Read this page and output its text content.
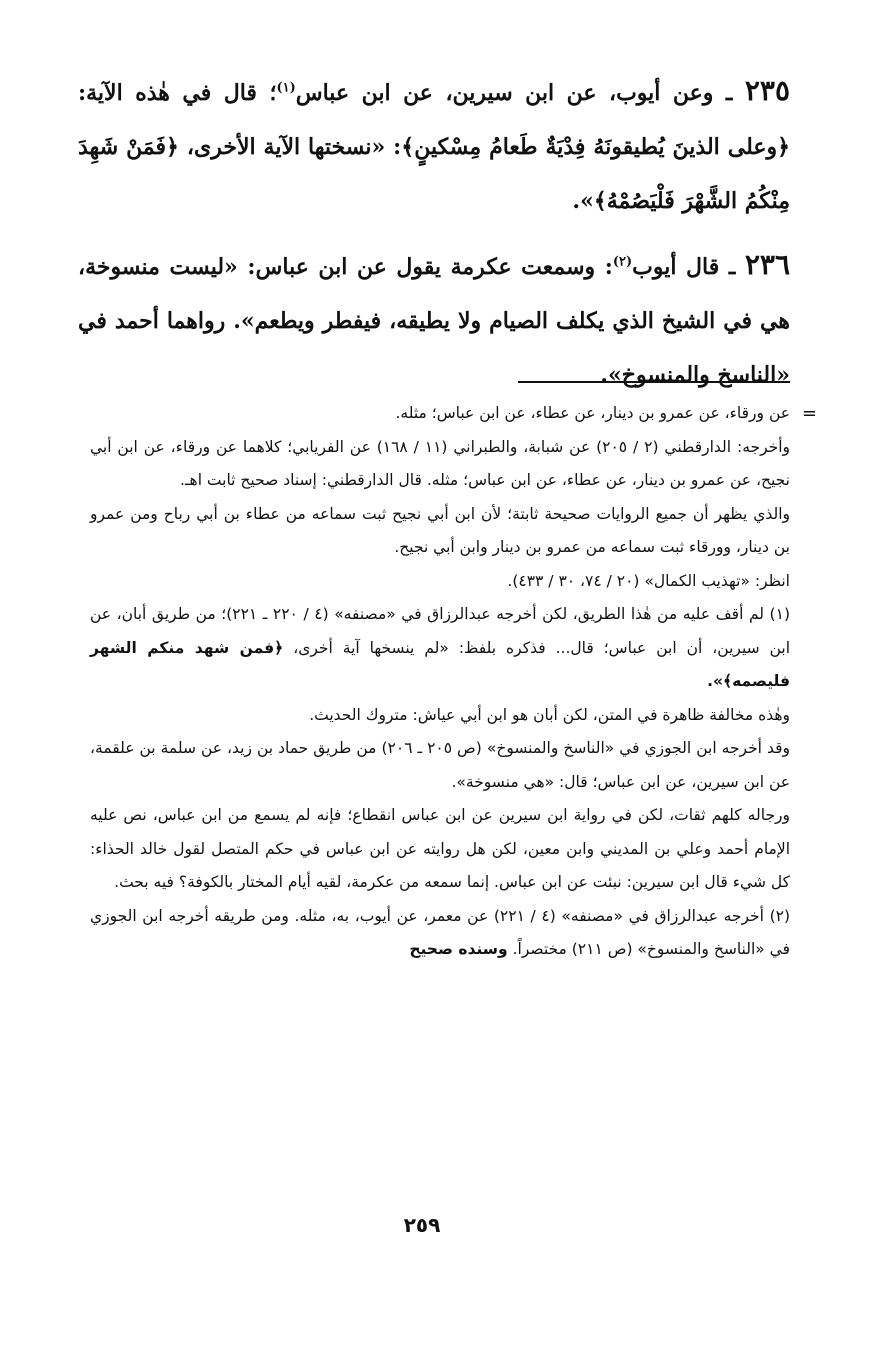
٢٣٥ ـ وعن أيوب، عن ابن سيرين، عن ابن عباس$^{(١)}$؛ قال في هٰذه الآية: ﴿وعلى الذينَ يُطيقونَهُ فِدْيَةٌ طَعامُ مِسْكينٍ﴾: «نسختها الآية الأخرى، ﴿فَمَنْ شَهِدَ مِنْكُمُ الشَّهْرَ فَلْيَصُمْهُ﴾».

٢٣٦ ـ قال أيوب$^{(٢)}$: وسمعت عكرمة يقول عن ابن عباس: «ليست منسوخة، هي في الشيخ الذي يكلف الصيام ولا يطيقه، فيفطر ويطعم». رواهما أحمد في «الناسخ والمنسوخ».

=

عن ورقاء، عن عمرو بن دينار، عن عطاء، عن ابن عباس؛ مثله.

وأخرجه: الدارقطني (٢ / ٢٠٥) عن شبابة، والطبراني (١١ / ١٦٨) عن الفريابي؛ كلاهما عن ورقاء، عن ابن أبي نجيح، عن عمرو بن دينار، عن عطاء، عن ابن عباس؛ مثله. قال الدارقطني: إسناد صحيح ثابت اهـ.

والذي يظهر أن جميع الروايات صحيحة ثابتة؛ لأن ابن أبي نجيح ثبت سماعه من عطاء بن أبي رباح ومن عمرو بن دينار، وورقاء ثبت سماعه من عمرو بن دينار وابن أبي نجيح.

انظر: «تهذيب الكمال» (٢٠ / ٧٤، ٣٠ / ٤٣٣).

(١) لم أقف عليه من هٰذا الطريق، لكن أخرجه عبدالرزاق في «مصنفه» (٤ / ٢٢٠ ـ ٢٢١)؛ من طريق أبان، عن ابن سيرين، أن ابن عباس؛ قال... فذكره بلفظ: «لم ينسخها آية أخرى، ﴿فمن شهد منكم الشهر فليصمه﴾».

وهٰذه مخالفة ظاهرة في المتن، لكن أبان هو ابن أبي عياش: متروك الحديث.

وقد أخرجه ابن الجوزي في «الناسخ والمنسوخ» (ص ٢٠٥ ـ ٢٠٦) من طريق حماد بن زيد، عن سلمة بن علقمة، عن ابن سيرين، عن ابن عباس؛ قال: «هي منسوخة».

ورجاله كلهم ثقات، لكن في رواية ابن سيرين عن ابن عباس انقطاع؛ فإنه لم يسمع من ابن عباس، نص عليه الإمام أحمد وعلي بن المديني وابن معين، لكن هل روايته عن ابن عباس في حكم المتصل لقول خالد الحذاء: كل شيء قال ابن سيرين: نبئت عن ابن عباس. إنما سمعه من عكرمة، لقيه أيام المختار بالكوفة؟ فيه بحث.

(٢) أخرجه عبدالرزاق في «مصنفه» (٤ / ٢٢١) عن معمر، عن أيوب، به، مثله. ومن طريقه أخرجه ابن الجوزي في «الناسخ والمنسوخ» (ص ٢١١) مختصراً. وسنده صحيح

٢٥٩
